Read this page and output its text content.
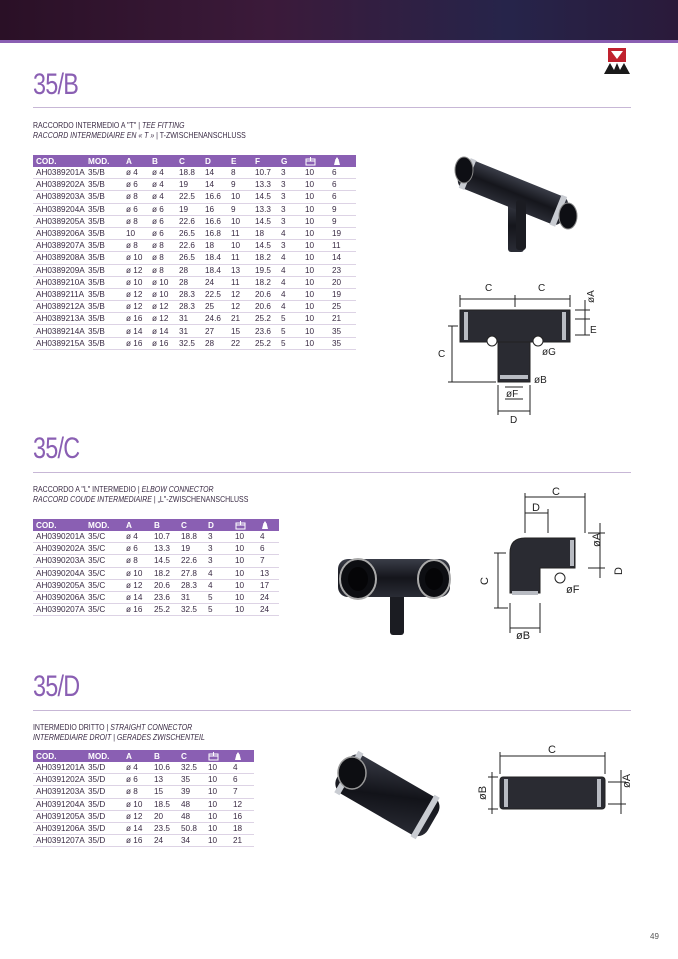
35/B
RACCORDO INTERMEDIO A "T" | TEE FITTING
RACCORD INTERMEDIAIRE EN « T » | T-ZWISCHENANSCHLUSS
COD.	MOD.	A	B	C	D	E	F	G		
AH0389201A	35/B	ø 4	ø 4	18.8	14	8	10.7	3	10	6
AH0389202A	35/B	ø 6	ø 4	19	14	9	13.3	3	10	6
AH0389203A	35/B	ø 8	ø 4	22.5	16.6	10	14.5	3	10	6
AH0389204A	35/B	ø 6	ø 6	19	16	9	13.3	3	10	9
AH0389205A	35/B	ø 8	ø 6	22.6	16.6	10	14.5	3	10	9
AH0389206A	35/B	10	ø 6	26.5	16.8	11	18	4	10	19
AH0389207A	35/B	ø 8	ø 8	22.6	18	10	14.5	3	10	11
AH0389208A	35/B	ø 10	ø 8	26.5	18.4	11	18.2	4	10	14
AH0389209A	35/B	ø 12	ø 8	28	18.4	13	19.5	4	10	23
AH0389210A	35/B	ø 10	ø 10	28	24	11	18.2	4	10	20
AH0389211A	35/B	ø 12	ø 10	28.3	22.5	12	20.6	4	10	19
AH0389212A	35/B	ø 12	ø 12	28.3	25	12	20.6	4	10	25
AH0389213A	35/B	ø 16	ø 12	31	24.6	21	25.2	5	10	21
AH0389214A	35/B	ø 14	ø 14	31	27	15	23.6	5	10	35
AH0389215A	35/B	ø 16	ø 16	32.5	28	22	25.2	5	10	35
C	C
øA
E
C	øG
øB
øF
D
35/C
RACCORDO A "L" INTERMEDIO | ELBOW CONNECTOR
RACCORD COUDE INTERMEDIAIRE | „L"-ZWISCHENANSCHLUSS
COD.	MOD.	A	B	C	D		
AH0390201A	35/C	ø 4	10.7	18.8	3	10	4
AH0390202A	35/C	ø 6	13.3	19	3	10	6
AH0390203A	35/C	ø 8	14.5	22.6	3	10	7
AH0390204A	35/C	ø 10	18.2	27.8	4	10	13
AH0390205A	35/C	ø 12	20.6	28.3	4	10	17
AH0390206A	35/C	ø 14	23.6	31	5	10	24
AH0390207A	35/C	ø 16	25.2	32.5	5	10	24
C
D
øA
D
C
øF
øB
35/D
INTERMEDIO DRITTO | STRAIGHT CONNECTOR
INTERMEDIAIRE DROIT | GERADES ZWISCHENTEIL
COD.	MOD.	A	B	C		
AH0391201A	35/D	ø 4	10.6	32.5	10	4
AH0391202A	35/D	ø 6	13	35	10	6
AH0391203A	35/D	ø 8	15	39	10	7
AH0391204A	35/D	ø 10	18.5	48	10	12
AH0391205A	35/D	ø 12	20	48	10	16
AH0391206A	35/D	ø 14	23.5	50.8	10	18
AH0391207A	35/D	ø 16	24	34	10	21
C
øB
øA
49
